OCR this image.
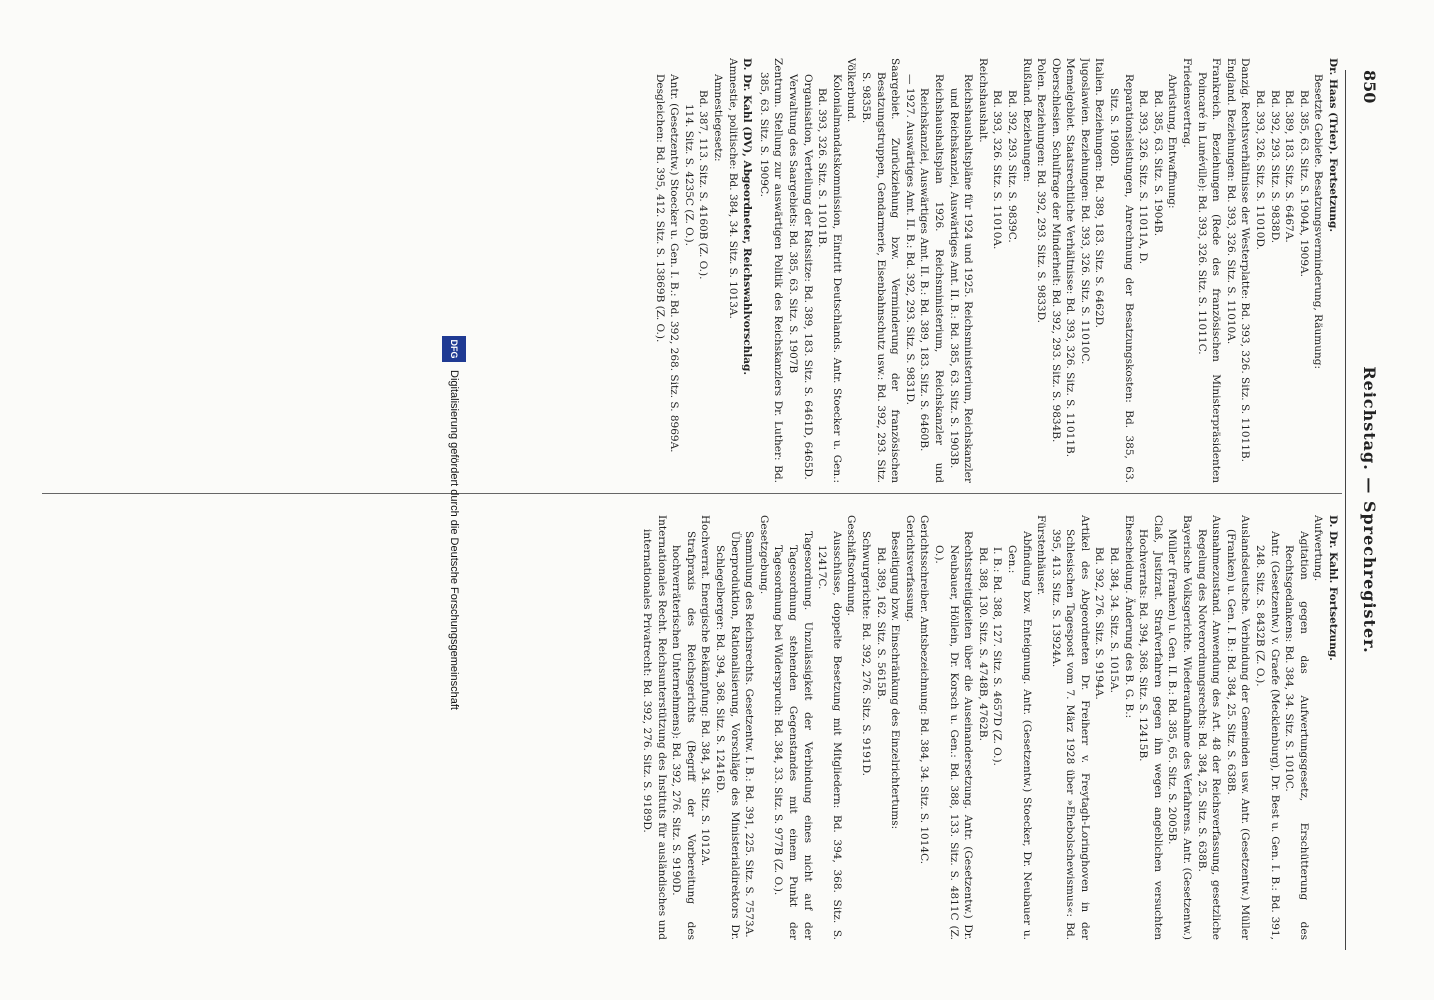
850
Reichstag. — Sprechregister.

Dr. Haas (Trier). Fortsetzung.

Besetzte Gebiete. Besatzungsverminderung, Räumung:

Bd. 385, 63. Sitz. S. 1904A, 1909A.

Bd. 389, 183. Sitz. S. 6467A.

Bd. 392, 293. Sitz. S. 9838D.

Bd. 393, 326. Sitz. S. 11010D.

Danzig. Rechtsverhältnisse der Westerplatte: Bd. 393, 326. Sitz. S. 11011B.

England. Beziehungen: Bd. 393, 326. Sitz. S. 11010A.

Frankreich. Beziehungen (Rede des französischen Ministerpräsidenten Poincaré in Lunéville): Bd. 393, 326. Sitz. S. 11011C.

Friedensvertrag.

Abrüstung, Entwaffnung:

Bd. 385, 63. Sitz. S. 1904B.

Bd. 393, 326. Sitz. S. 11011A, D.

Reparationsleistungen, Anrechnung der Besatzungskosten: Bd. 385, 63. Sitz. S. 1908D.

Italien. Beziehungen: Bd. 389, 183. Sitz. S. 6462D.

Jugoslawien. Beziehungen: Bd. 393, 326. Sitz. S. 11010C.

Memelgebiet. Staatsrechtliche Verhältnisse: Bd. 393, 326. Sitz. S. 11011B.

Oberschlesien. Schulfrage der Minderheit: Bd. 392, 293. Sitz. S. 9834B.

Polen. Beziehungen: Bd. 392, 293. Sitz. S. 9833D.

Rußland. Beziehungen:

Bd. 392, 293. Sitz. S. 9839C.

Bd. 393, 326. Sitz. S. 11010A.

Reichshaushalt.

Reichshaushaltspläne für 1924 und 1925. Reichsministerium, Reichskanzler und Reichskanzlei, Auswärtiges Amt. II. B.: Bd. 385, 63. Sitz. S. 1903B.

Reichshaushaltsplan 1926. Reichsministerium, Reichskanzler und Reichskanzlei, Auswärtiges Amt. II. B.: Bd. 389, 183. Sitz. S. 6460B.

— 1927. Auswärtiges Amt. II. B.: Bd. 392, 293. Sitz. S. 9831D.

Saargebiet. Zurückziehung bzw. Verminderung der französischen Besatzungstruppen, Gendarmerie, Eisenbahnschutz usw.: Bd. 392, 293. Sitz. S. 9835B.

Völkerbund.

Kolonialmandatskommission, Eintritt Deutschlands. Antr. Stoecker u. Gen.: Bd. 393, 326. Sitz. S. 11011B.

Organisation, Verteilung der Ratssitze: Bd. 389, 183. Sitz. S. 6461D, 6465D.

Verwaltung des Saargebiets: Bd. 385, 63. Sitz. S. 1907B

Zentrum. Stellung zur auswärtigen Politik des Reichskanzlers Dr. Luther: Bd. 385, 63. Sitz. S. 1909C.

D. Dr. Kahl (DV), Abgeordneter, Reichswahlvorschlag.

Amnestie, politische: Bd. 384, 34. Sitz. S. 1013A.

Amnestiegesetz:

Bd. 387, 113. Sitz. S. 4160B (Z. O.).

114. Sitz. S. 4235C (Z. O.).

Antr. (Gesetzentw.) Stoecker u. Gen. I. B.: Bd. 392, 268. Sitz. S. 8969A.

Desgleichen: Bd. 395, 412. Sitz. S. 13869B (Z. O.).

D. Dr. Kahl. Fortsetzung.

Aufwertung.

Agitation gegen das Aufwertungsgesetz, Erschütterung des Rechtsgedankens: Bd. 384, 34. Sitz. S. 1010C.

Antr. (Gesetzentw.) v. Graefe (Mecklenburg), Dr. Best u. Gen. I. B.: Bd. 391, 248. Sitz. S. 8432B (Z. O.).

Auslandsdeutsche. Verbindung der Gemeinden usw. Antr. (Gesetzentw.) Müller (Franken) u. Gen. I. B.: Bd. 384, 25. Sitz. S. 638B.

Ausnahmezustand. Anwendung des Art. 48 der Reichsverfassung, gesetzliche Regelung des Notverordnungsrechts: Bd. 384, 25. Sitz. S. 638B.

Bayerische Volksgerichte. Wiederaufnahme des Verfahrens. Antr. (Gesetzentw.) Müller (Franken) u. Gen. II. B.: Bd. 385, 65. Sitz. S. 2005B.

Claß, Justizrat. Strafverfahren gegen ihn wegen angeblichen versuchten Hochverrats: Bd. 394, 368. Sitz. S. 12415B.

Ehescheidung. Änderung des B. G. B.:

Bd. 384, 34. Sitz. S. 1015A.

Bd. 392, 276. Sitz. S. 9194A.

Artikel des Abgeordneten Dr. Freiherr v. Freytagh-Loringhoven in der Schlesischen Tagespost vom 7. März 1928 über »Ehebolschewismus«: Bd. 395, 413. Sitz. S. 13924A.

Fürstenhäuser.

Abfindung bzw. Enteignung. Antr. (Gesetzentw.) Stoecker, Dr. Neubauer u. Gen.:

I. B.: Bd. 388, 127. Sitz. S. 4657D (Z. O.).

Bd. 388, 130. Sitz. S. 4748B, 4762B.

Rechtsstreitigkeiten über die Auseinandersetzung. Antr. (Gesetzentw.) Dr. Neubauer, Höllein, Dr. Korsch u. Gen.: Bd. 388, 133. Sitz. S. 4811C (Z. O.).

Gerichtsschreiber. Amtsbezeichnung: Bd. 384, 34. Sitz. S. 1014C.

Gerichtsverfassung.

Beseitigung bzw. Einschränkung des Einzelrichtertums:

Bd. 389, 162. Sitz. S. 5615B.

Schwurgerichte: Bd. 392, 276. Sitz. S. 9191D.

Geschäftsordnung.

Ausschüsse, doppelte Besetzung mit Mitgliedern: Bd. 394, 368. Sitz. S. 12417C.

Tagesordnung. Unzulässigkeit der Verbindung eines nicht auf der Tagesordnung stehenden Gegenstandes mit einem Punkt der Tagesordnung bei Widerspruch: Bd. 384, 33. Sitz. S. 977B (Z. O.).

Gesetzgebung.

Sammlung des Reichsrechts. Gesetzentw. I. B.: Bd. 391, 225. Sitz. S. 7573A.

Überproduktion, Rationalisierung, Vorschläge des Ministerialdirektors Dr. Schlegelberger: Bd. 394, 368. Sitz. S. 12416D.

Hochverrat. Energische Bekämpfung: Bd. 384, 34. Sitz. S. 1012A.

Strafpraxis des Reichsgerichts (Begriff der Vorbereitung des hochverräterischen Unternehmens): Bd. 392, 276. Sitz. S. 9190D.

Internationales Recht. Reichsunterstützung des Instituts für ausländisches und internationales Privatrecht: Bd. 392, 276. Sitz. S. 9189D.

DFG
Digitalisierung gefördert durch die Deutsche Forschungsgemeinschaft
